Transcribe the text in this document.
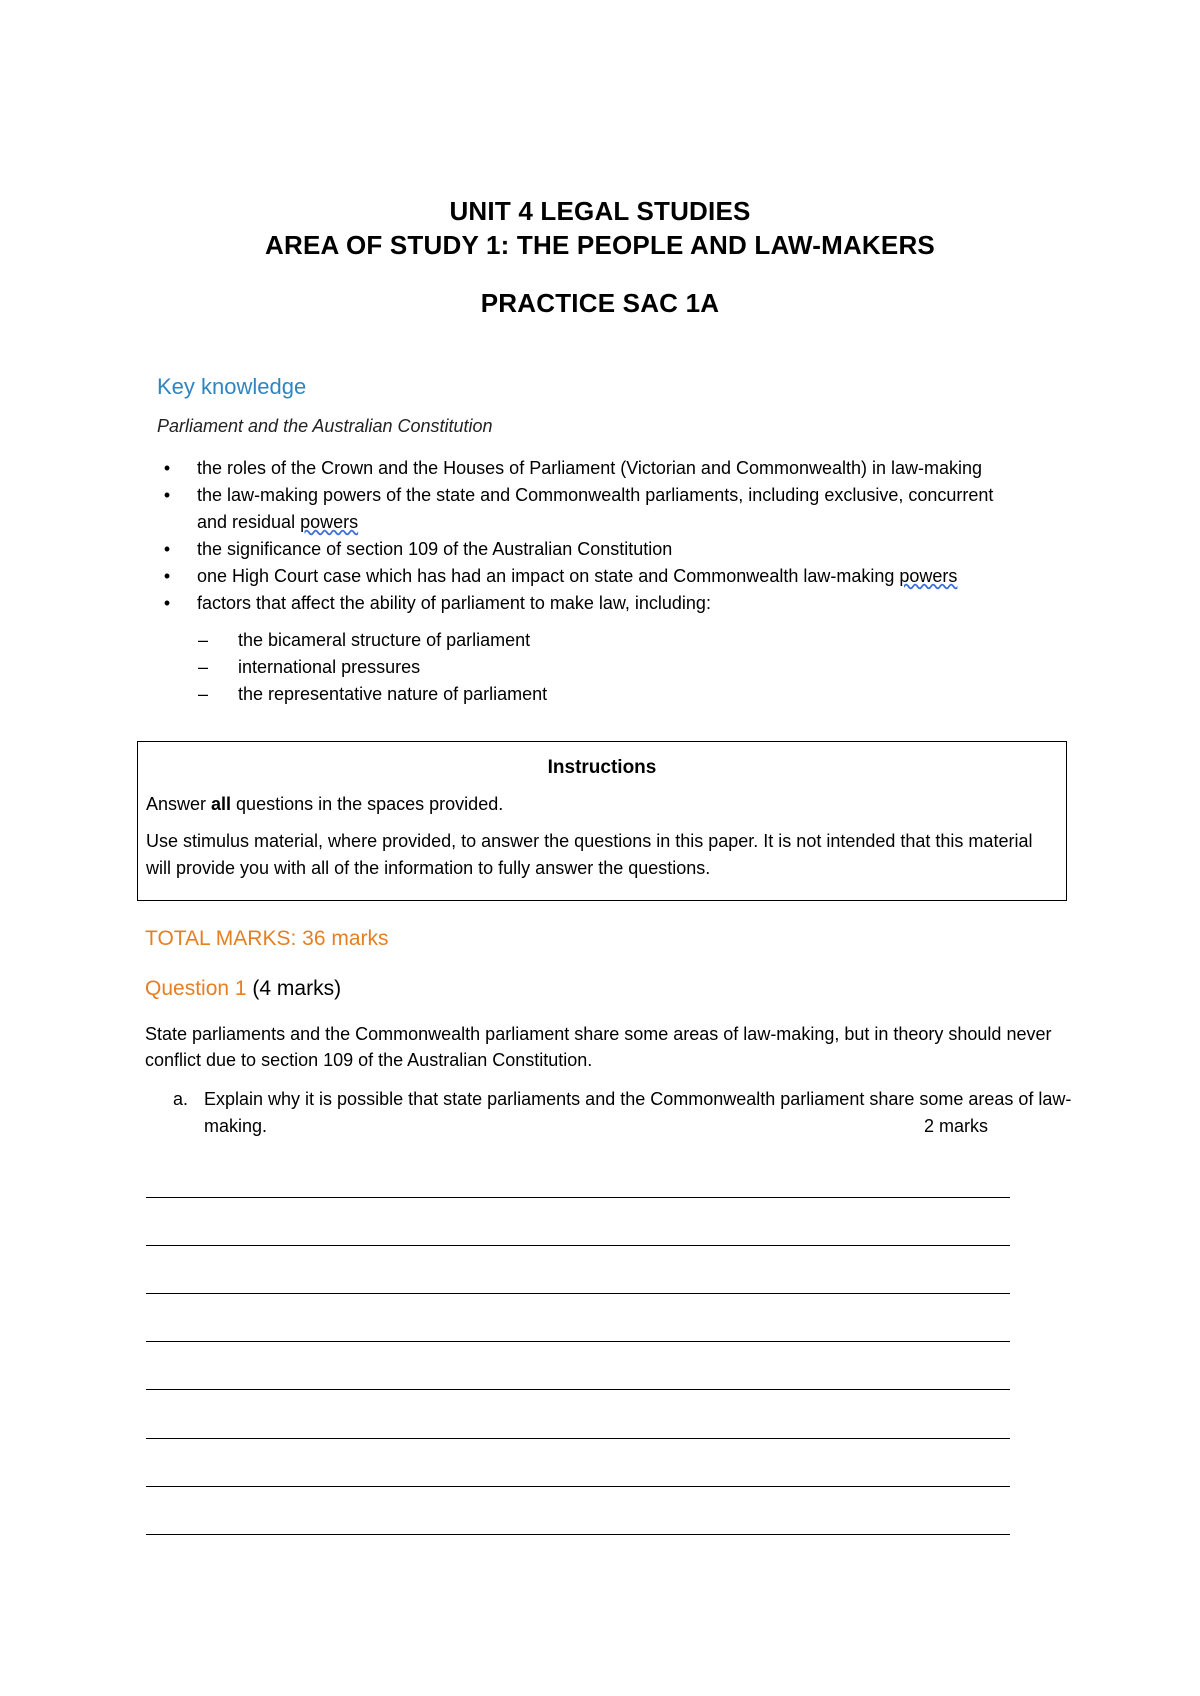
UNIT 4 LEGAL STUDIES
AREA OF STUDY 1: THE PEOPLE AND LAW-MAKERS
PRACTICE SAC 1A
Key knowledge
Parliament and the Australian Constitution
•	the roles of the Crown and the Houses of Parliament (Victorian and Commonwealth) in law-making
•	the law-making powers of the state and Commonwealth parliaments, including exclusive, concurrent
and residual powers
•	the significance of section 109 of the Australian Constitution
•	one High Court case which has had an impact on state and Commonwealth law-making powers
•	factors that affect the ability of parliament to make law, including:
– the bicameral structure of parliament
– international pressures
– the representative nature of parliament
Instructions
Answer all questions in the spaces provided.
Use stimulus material, where provided, to answer the questions in this paper. It is not intended that this material will provide you with all of the information to fully answer the questions.
TOTAL MARKS: 36 marks
Question 1 (4 marks)
State parliaments and the Commonwealth parliament share some areas of law-making, but in theory should never conflict due to section 109 of the Australian Constitution.
a. Explain why it is possible that state parliaments and the Commonwealth parliament share some areas of law-making.	2 marks
